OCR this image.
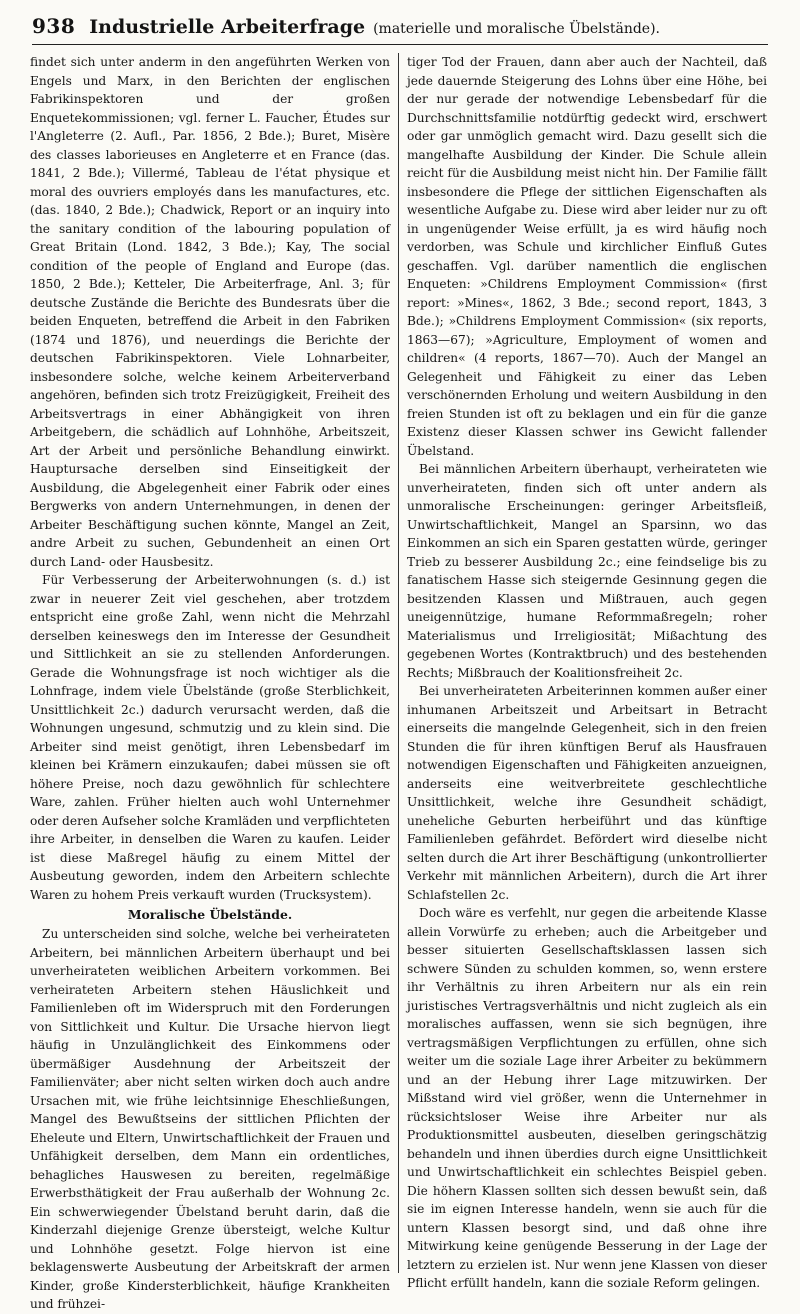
938 Industrielle Arbeiterfrage (materielle und moralische Übelstände).

findet sich unter anderm in den angeführten Werken von Engels und Marx, in den Berichten der englischen Fabrikinspektoren und der großen Enquetekommissionen; vgl. ferner L. Faucher, Études sur l'Angleterre (2. Aufl., Par. 1856, 2 Bde.); Buret, Misère des classes laborieuses en Angleterre et en France (das. 1841, 2 Bde.); Villermé, Tableau de l'état physique et moral des ouvriers employés dans les manufactures, etc. (das. 1840, 2 Bde.); Chadwick, Report or an inquiry into the sanitary condition of the labouring population of Great Britain (Lond. 1842, 3 Bde.); Kay, The social condition of the people of England and Europe (das. 1850, 2 Bde.); Ketteler, Die Arbeiterfrage, Anl. 3; für deutsche Zustände die Berichte des Bundesrats über die beiden Enqueten, betreffend die Arbeit in den Fabriken (1874 und 1876), und neuerdings die Berichte der deutschen Fabrikinspektoren. Viele Lohnarbeiter, insbesondere solche, welche keinem Arbeiterverband angehören, befinden sich trotz Freizügigkeit, Freiheit des Arbeitsvertrags in einer Abhängigkeit von ihren Arbeitgebern, die schädlich auf Lohnhöhe, Arbeitszeit, Art der Arbeit und persönliche Behandlung einwirkt. Hauptursache derselben sind Einseitigkeit der Ausbildung, die Abgelegenheit einer Fabrik oder eines Bergwerks von andern Unternehmungen, in denen der Arbeiter Beschäftigung suchen könnte, Mangel an Zeit, andre Arbeit zu suchen, Gebundenheit an einen Ort durch Land- oder Hausbesitz.

Für Verbesserung der Arbeiterwohnungen (s. d.) ist zwar in neuerer Zeit viel geschehen, aber trotzdem entspricht eine große Zahl, wenn nicht die Mehrzahl derselben keineswegs den im Interesse der Gesundheit und Sittlichkeit an sie zu stellenden Anforderungen. Gerade die Wohnungsfrage ist noch wichtiger als die Lohnfrage, indem viele Übelstände (große Sterblichkeit, Unsittlichkeit 2c.) dadurch verursacht werden, daß die Wohnungen ungesund, schmutzig und zu klein sind. Die Arbeiter sind meist genötigt, ihren Lebensbedarf im kleinen bei Krämern einzukaufen; dabei müssen sie oft höhere Preise, noch dazu gewöhnlich für schlechtere Ware, zahlen. Früher hielten auch wohl Unternehmer oder deren Aufseher solche Kramläden und verpflichteten ihre Arbeiter, in denselben die Waren zu kaufen. Leider ist diese Maßregel häufig zu einem Mittel der Ausbeutung geworden, indem den Arbeitern schlechte Waren zu hohem Preis verkauft wurden (Trucksystem).

Moralische Übelstände.

Zu unterscheiden sind solche, welche bei verheirateten Arbeitern, bei männlichen Arbeitern überhaupt und bei unverheirateten weiblichen Arbeitern vorkommen. Bei verheirateten Arbeitern stehen Häuslichkeit und Familienleben oft im Widerspruch mit den Forderungen von Sittlichkeit und Kultur. Die Ursache hiervon liegt häufig in Unzulänglichkeit des Einkommens oder übermäßiger Ausdehnung der Arbeitszeit der Familienväter; aber nicht selten wirken doch auch andre Ursachen mit, wie frühe leichtsinnige Eheschließungen, Mangel des Bewußtseins der sittlichen Pflichten der Eheleute und Eltern, Unwirtschaftlichkeit der Frauen und Unfähigkeit derselben, dem Mann ein ordentliches, behagliches Hauswesen zu bereiten, regelmäßige Erwerbsthätigkeit der Frau außerhalb der Wohnung 2c. Ein schwerwiegender Übelstand beruht darin, daß die Kinderzahl diejenige Grenze übersteigt, welche Kultur und Lohnhöhe gesetzt. Folge hiervon ist eine beklagenswerte Ausbeutung der Arbeitskraft der armen Kinder, große Kindersterblichkeit, häufige Krankheiten und frühzei-

tiger Tod der Frauen, dann aber auch der Nachteil, daß jede dauernde Steigerung des Lohns über eine Höhe, bei der nur gerade der notwendige Lebensbedarf für die Durchschnittsfamilie notdürftig gedeckt wird, erschwert oder gar unmöglich gemacht wird. Dazu gesellt sich die mangelhafte Ausbildung der Kinder. Die Schule allein reicht für die Ausbildung meist nicht hin. Der Familie fällt insbesondere die Pflege der sittlichen Eigenschaften als wesentliche Aufgabe zu. Diese wird aber leider nur zu oft in ungenügender Weise erfüllt, ja es wird häufig noch verdorben, was Schule und kirchlicher Einfluß Gutes geschaffen. Vgl. darüber namentlich die englischen Enqueten: »Childrens Employment Commission« (first report: »Mines«, 1862, 3 Bde.; second report, 1843, 3 Bde.); »Childrens Employment Commission« (six reports, 1863—67); »Agriculture, Employment of women and children« (4 reports, 1867—70). Auch der Mangel an Gelegenheit und Fähigkeit zu einer das Leben verschönernden Erholung und weitern Ausbildung in den freien Stunden ist oft zu beklagen und ein für die ganze Existenz dieser Klassen schwer ins Gewicht fallender Übelstand.

Bei männlichen Arbeitern überhaupt, verheirateten wie unverheirateten, finden sich oft unter andern als unmoralische Erscheinungen: geringer Arbeitsfleiß, Unwirtschaftlichkeit, Mangel an Sparsinn, wo das Einkommen an sich ein Sparen gestatten würde, geringer Trieb zu besserer Ausbildung 2c.; eine feindselige bis zu fanatischem Hasse sich steigernde Gesinnung gegen die besitzenden Klassen und Mißtrauen, auch gegen uneigennützige, humane Reformmaßregeln; roher Materialismus und Irreligiosität; Mißachtung des gegebenen Wortes (Kontraktbruch) und des bestehenden Rechts; Mißbrauch der Koalitionsfreiheit 2c.

Bei unverheirateten Arbeiterinnen kommen außer einer inhumanen Arbeitszeit und Arbeitsart in Betracht einerseits die mangelnde Gelegenheit, sich in den freien Stunden die für ihren künftigen Beruf als Hausfrauen notwendigen Eigenschaften und Fähigkeiten anzueignen, anderseits eine weitverbreitete geschlechtliche Unsittlichkeit, welche ihre Gesundheit schädigt, uneheliche Geburten herbeiführt und das künftige Familienleben gefährdet. Befördert wird dieselbe nicht selten durch die Art ihrer Beschäftigung (unkontrollierter Verkehr mit männlichen Arbeitern), durch die Art ihrer Schlafstellen 2c.

Doch wäre es verfehlt, nur gegen die arbeitende Klasse allein Vorwürfe zu erheben; auch die Arbeitgeber und besser situierten Gesellschaftsklassen lassen sich schwere Sünden zu schulden kommen, so, wenn erstere ihr Verhältnis zu ihren Arbeitern nur als ein rein juristisches Vertragsverhältnis und nicht zugleich als ein moralisches auffassen, wenn sie sich begnügen, ihre vertragsmäßigen Verpflichtungen zu erfüllen, ohne sich weiter um die soziale Lage ihrer Arbeiter zu bekümmern und an der Hebung ihrer Lage mitzuwirken. Der Mißstand wird viel größer, wenn die Unternehmer in rücksichtsloser Weise ihre Arbeiter nur als Produktionsmittel ausbeuten, dieselben geringschätzig behandeln und ihnen überdies durch eigne Unsittlichkeit und Unwirtschaftlichkeit ein schlechtes Beispiel geben. Die höhern Klassen sollten sich dessen bewußt sein, daß sie im eignen Interesse handeln, wenn sie auch für die untern Klassen besorgt sind, und daß ohne ihre Mitwirkung keine genügende Besserung in der Lage der letztern zu erzielen ist. Nur wenn jene Klassen von dieser Pflicht erfüllt handeln, kann die soziale Reform gelingen.
